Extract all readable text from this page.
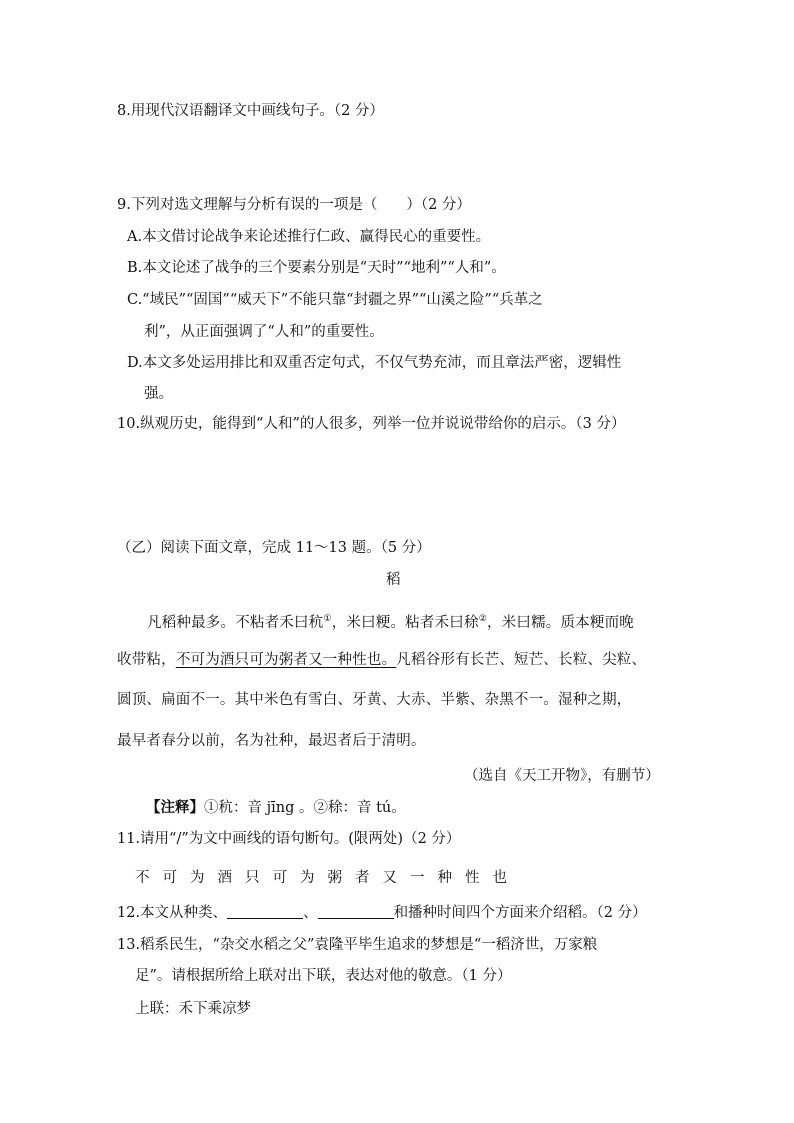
8.用现代汉语翻译文中画线句子。（2 分）
9.下列对选文理解与分析有误的一项是（　　）（2 分）
A.本文借讨论战争来论述推行仁政、赢得民心的重要性。
B.本文论述了战争的三个要素分别是“天时”“地利”“人和”。
C.“域民”“固国”“威天下”不能只靠“封疆之界”“山溪之险”“兵革之
利”，从正面强调了“人和”的重要性。
D.本文多处运用排比和双重否定句式，不仅气势充沛，而且章法严密，逻辑性
强。
10.纵观历史，能得到“人和”的人很多，列举一位并说说带给你的启示。（3 分）
（乙）阅读下面文章，完成 11～13 题。（5 分）
稻
凡稻种最多。不粘者禾曰秔①，米曰粳。粘者禾曰稌②，米曰糯。质本粳而晚
收带粘，不可为酒只可为粥者又一种性也。凡稻谷形有长芒、短芒、长粒、尖粒、
圆顶、扁面不一。其中米色有雪白、牙黄、大赤、半紫、杂黑不一。湿种之期，
最早者春分以前，名为社种，最迟者后于清明。
（选自《天工开物》，有删节）
【注释】①秔：音 jīng 。②稌：音 tú。
11.请用“/”为文中画线的语句断句。(限两处)（2 分）
不 可 为 酒 只 可 为 粥 者 又 一 种 性 也
12.本文从种类、	、	和播种时间四个方面来介绍稻。（2 分）
13.稻系民生，“杂交水稻之父”袁隆平毕生追求的梦想是“一稻济世，万家粮
足”。请根据所给上联对出下联，表达对他的敬意。（1 分）
上联：禾下乘凉梦
